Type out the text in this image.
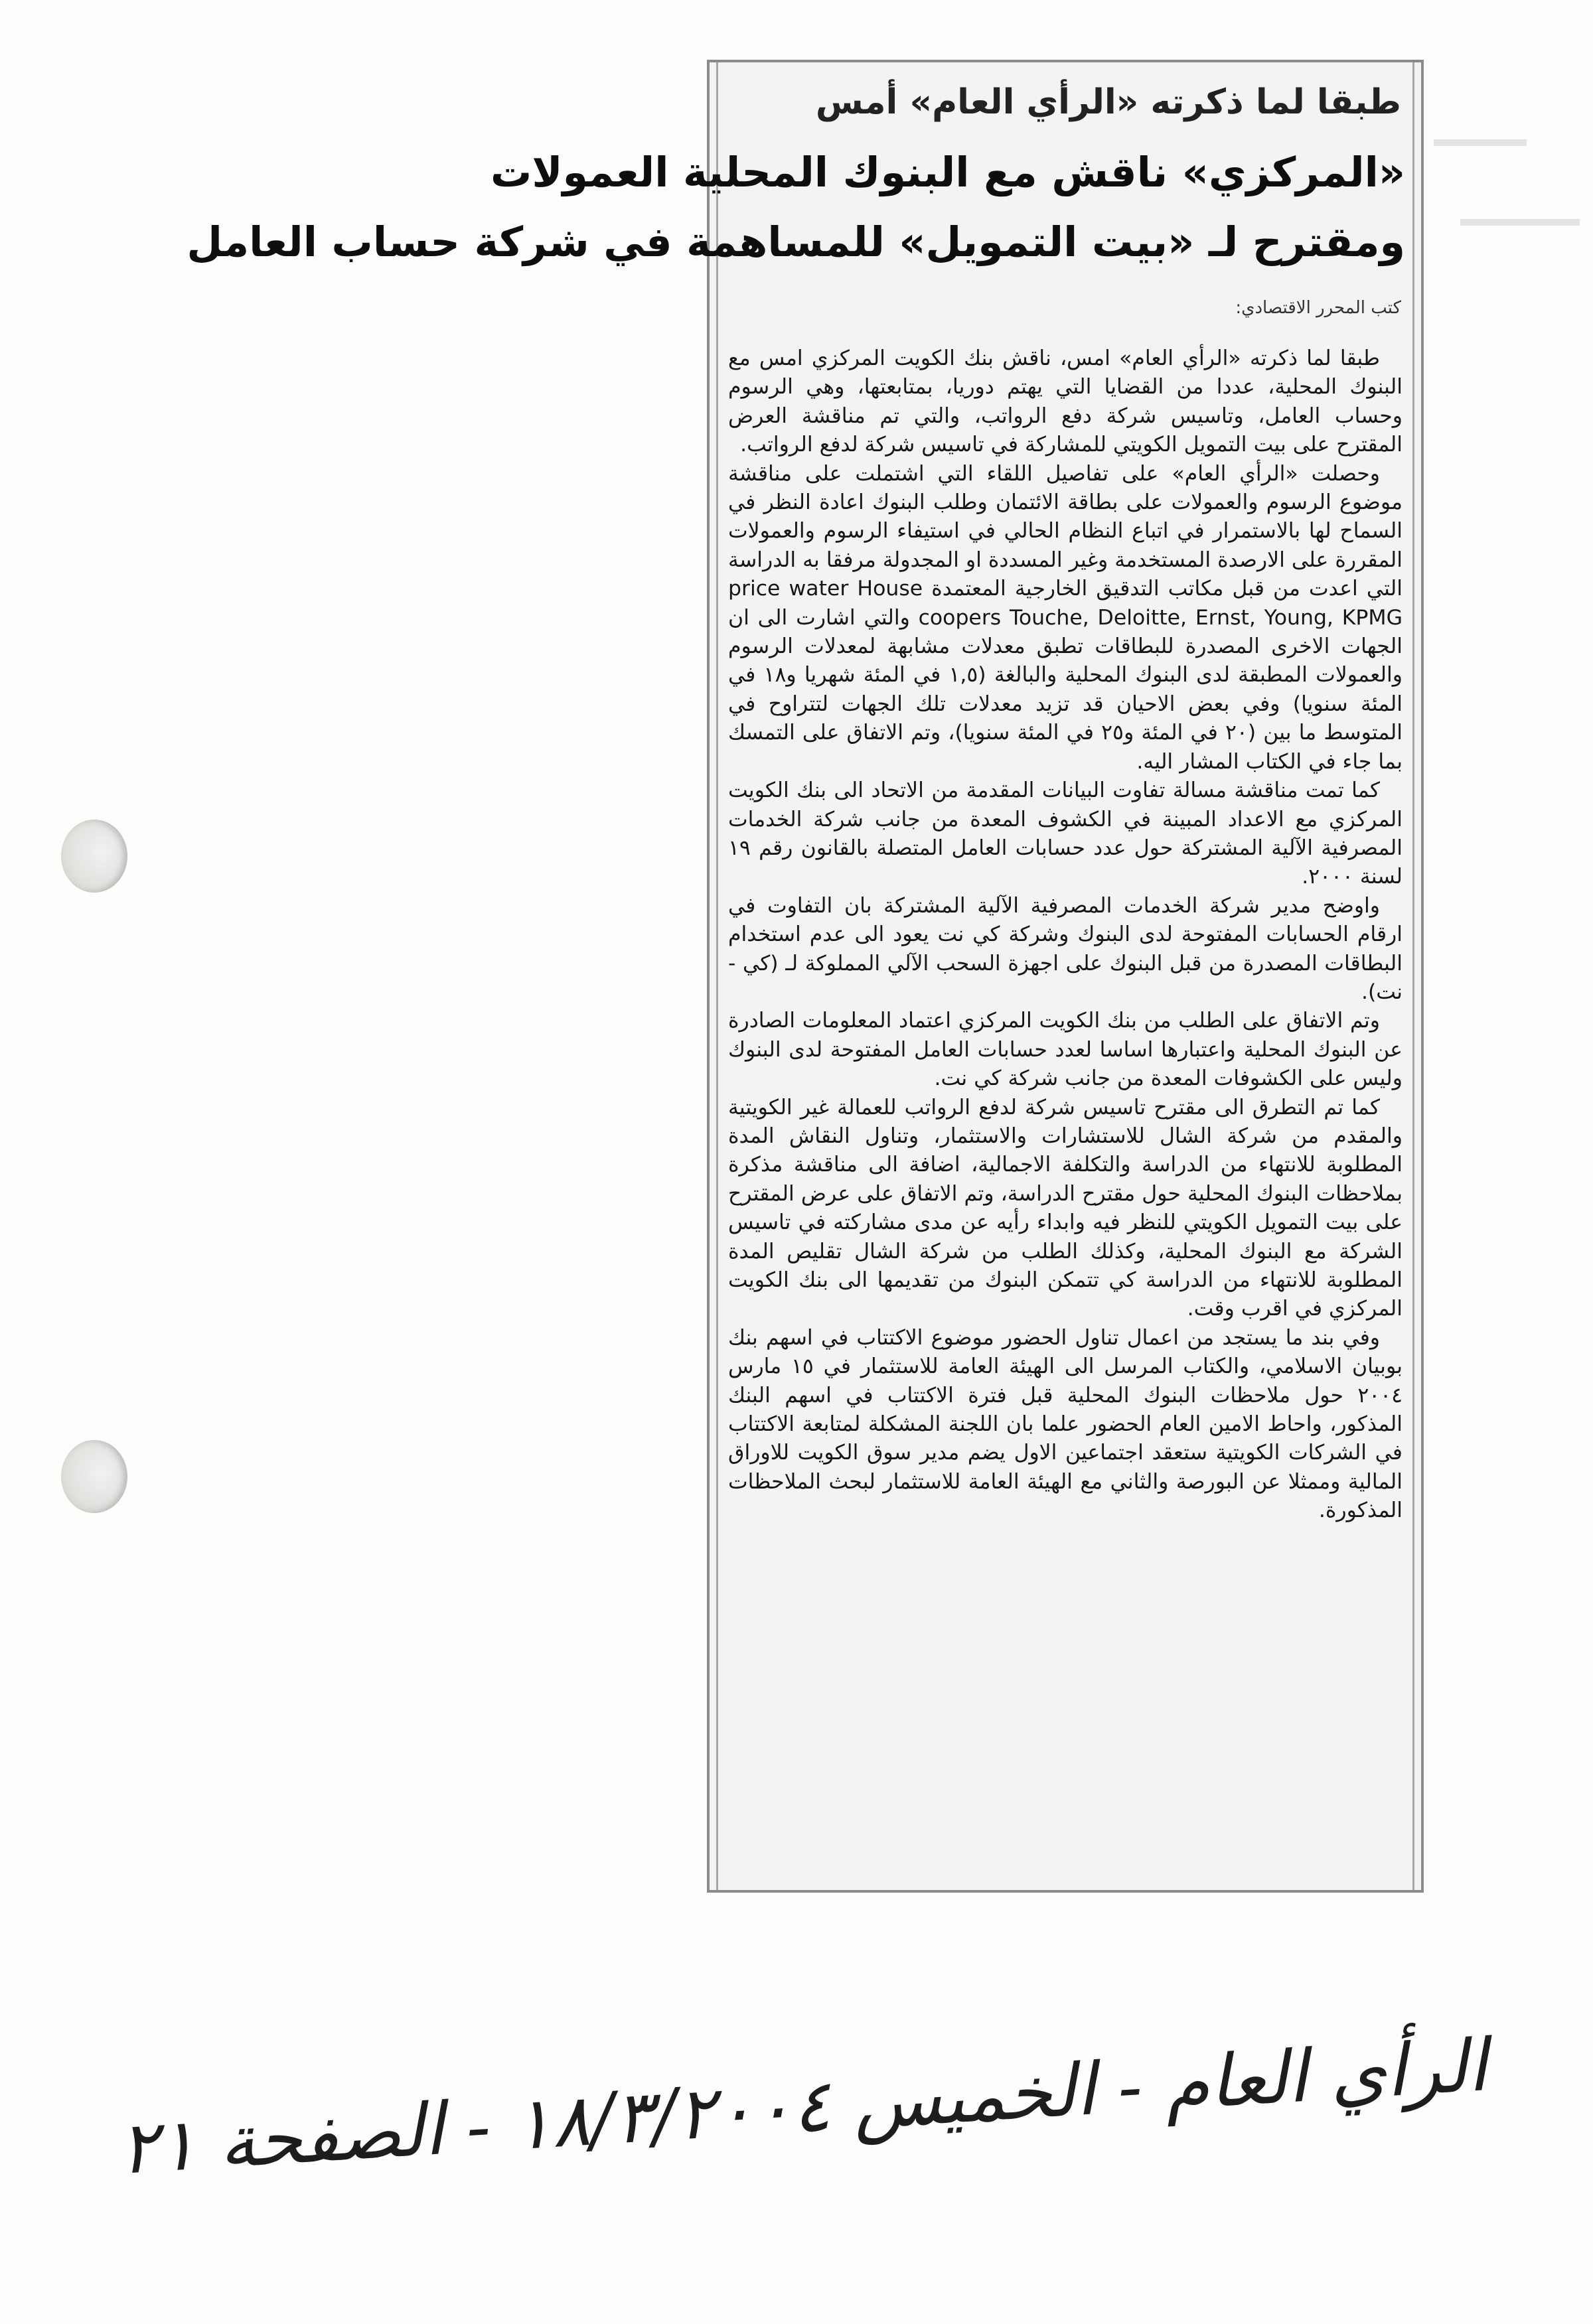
طبقا لما ذكرته «الرأي العام» أمس
«المركزي» ناقش مع البنوك المحلية العمولات
ومقترح لـ «بيت التمويل» للمساهمة في شركة حساب العامل
كتب المحرر الاقتصادي:

طبقا لما ذكرته «الرأي العام» امس، ناقش بنك الكويت المركزي امس مع البنوك المحلية، عددا من القضايا التي يهتم دوريا، بمتابعتها، وهي الرسوم وحساب العامل، وتاسيس شركة دفع الرواتب، والتي تم مناقشة العرض المقترح على بيت التمويل الكويتي للمشاركة في تاسيس شركة لدفع الرواتب.

وحصلت «الرأي العام» على تفاصيل اللقاء التي اشتملت على مناقشة موضوع الرسوم والعمولات على بطاقة الائتمان وطلب البنوك اعادة النظر في السماح لها بالاستمرار في اتباع النظام الحالي في استيفاء الرسوم والعمولات المقررة على الارصدة المستخدمة وغير المسددة او المجدولة مرفقا به الدراسة التي اعدت من قبل مكاتب التدقيق الخارجية المعتمدة price water House coopers Touche, Deloitte, Ernst, Young, KPMG والتي اشارت الى ان الجهات الاخرى المصدرة للبطاقات تطبق معدلات مشابهة لمعدلات الرسوم والعمولات المطبقة لدى البنوك المحلية والبالغة (١,٥ في المئة شهريا و١٨ في المئة سنويا) وفي بعض الاحيان قد تزيد معدلات تلك الجهات لتتراوح في المتوسط ما بين (٢٠ في المئة و٢٥ في المئة سنويا)، وتم الاتفاق على التمسك بما جاء في الكتاب المشار اليه.

كما تمت مناقشة مسالة تفاوت البيانات المقدمة من الاتحاد الى بنك الكويت المركزي مع الاعداد المبينة في الكشوف المعدة من جانب شركة الخدمات المصرفية الآلية المشتركة حول عدد حسابات العامل المتصلة بالقانون رقم ١٩ لسنة ٢٠٠٠.

واوضح مدير شركة الخدمات المصرفية الآلية المشتركة بان التفاوت في ارقام الحسابات المفتوحة لدى البنوك وشركة كي نت يعود الى عدم استخدام البطاقات المصدرة من قبل البنوك على اجهزة السحب الآلي المملوكة لـ (كي - نت).

وتم الاتفاق على الطلب من بنك الكويت المركزي اعتماد المعلومات الصادرة عن البنوك المحلية واعتبارها اساسا لعدد حسابات العامل المفتوحة لدى البنوك وليس على الكشوفات المعدة من جانب شركة كي نت.

كما تم التطرق الى مقترح تاسيس شركة لدفع الرواتب للعمالة غير الكويتية والمقدم من شركة الشال للاستشارات والاستثمار، وتناول النقاش المدة المطلوبة للانتهاء من الدراسة والتكلفة الاجمالية، اضافة الى مناقشة مذكرة بملاحظات البنوك المحلية حول مقترح الدراسة، وتم الاتفاق على عرض المقترح على بيت التمويل الكويتي للنظر فيه وابداء رأيه عن مدى مشاركته في تاسيس الشركة مع البنوك المحلية، وكذلك الطلب من شركة الشال تقليص المدة المطلوبة للانتهاء من الدراسة كي تتمكن البنوك من تقديمها الى بنك الكويت المركزي في اقرب وقت.

وفي بند ما يستجد من اعمال تناول الحضور موضوع الاكتتاب في اسهم بنك بوبيان الاسلامي، والكتاب المرسل الى الهيئة العامة للاستثمار في ١٥ مارس ٢٠٠٤ حول ملاحظات البنوك المحلية قبل فترة الاكتتاب في اسهم البنك المذكور، واحاط الامين العام الحضور علما بان اللجنة المشكلة لمتابعة الاكتتاب في الشركات الكويتية ستعقد اجتماعين الاول يضم مدير سوق الكويت للاوراق المالية وممثلا عن البورصة والثاني مع الهيئة العامة للاستثمار لبحث الملاحظات المذكورة.

الرأي العام - الخميس ١٨/٣/٢٠٠٤ - الصفحة ٢١
